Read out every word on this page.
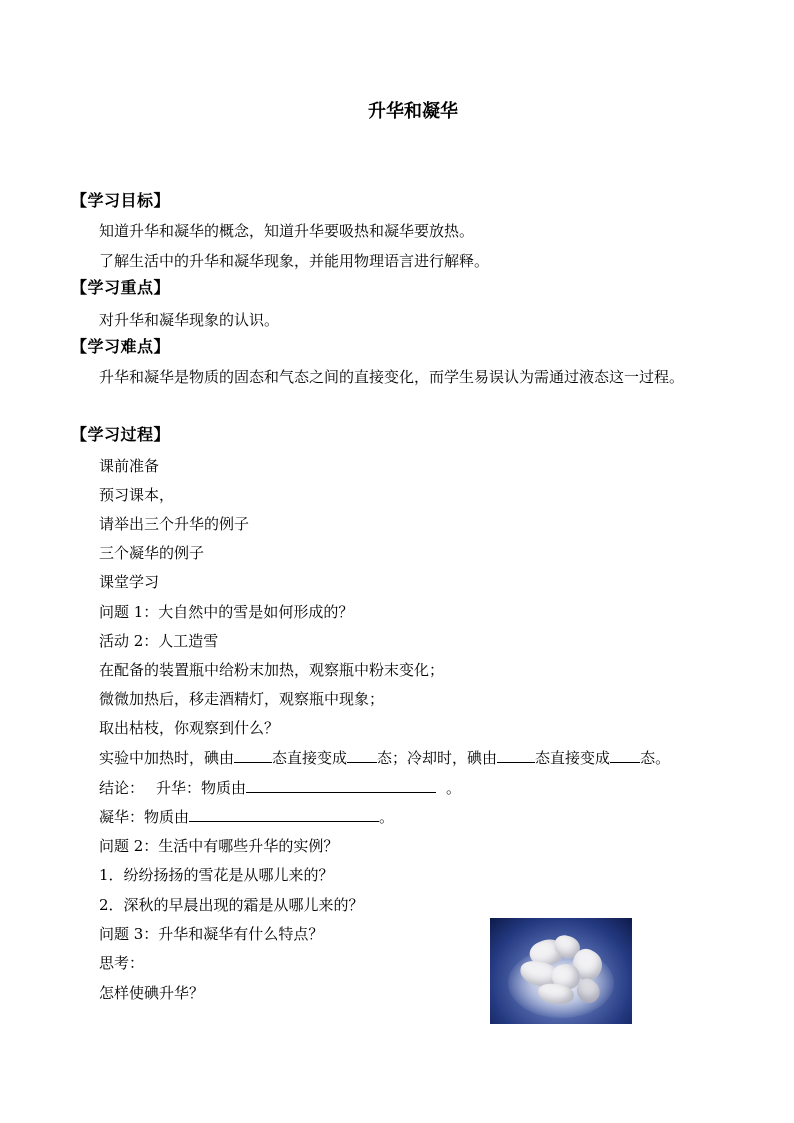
升华和凝华
【学习目标】
知道升华和凝华的概念，知道升华要吸热和凝华要放热。
了解生活中的升华和凝华现象，并能用物理语言进行解释。
【学习重点】
对升华和凝华现象的认识。
【学习难点】
升华和凝华是物质的固态和气态之间的直接变化，而学生易误认为需通过液态这一过程。
【学习过程】
课前准备
预习课本，
请举出三个升华的例子
三个凝华的例子
课堂学习
问题 1：大自然中的雪是如何形成的？
活动 2：人工造雪
在配备的装置瓶中给粉末加热，观察瓶中粉末变化；
微微加热后，移走酒精灯，观察瓶中现象；
取出枯枝，你观察到什么？
实验中加热时，碘由	态直接变成 态；冷却时，碘由	态直接变成 态。
结论： 升华：物质由	。
凝华：物质由	。
问题 2：生活中有哪些升华的实例？
1．纷纷扬扬的雪花是从哪儿来的？
2．深秋的早晨出现的霜是从哪儿来的？
问题 3：升华和凝华有什么特点？
思考：
怎样使碘升华？
